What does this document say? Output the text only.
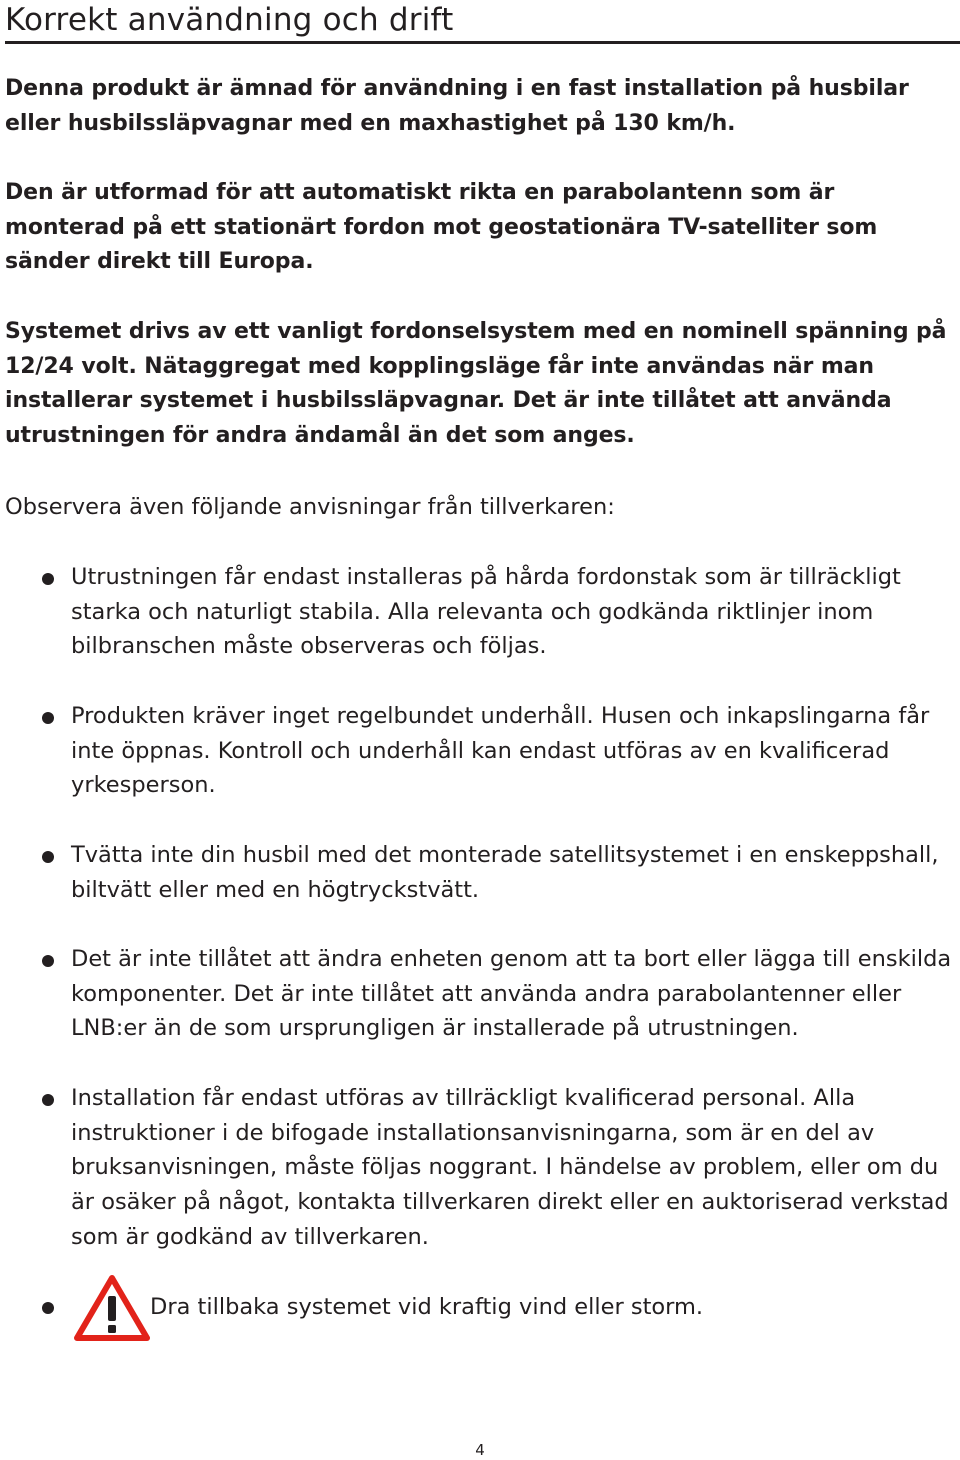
Korrekt användning och drift

Denna produkt är ämnad för användning i en fast installation på husbilar eller husbilssläpvagnar med en maxhastighet på 130 km/h.

Den är utformad för att automatiskt rikta en parabolantenn som är monterad på ett stationärt fordon mot geostationära TV-satelliter som sänder direkt till Europa.

Systemet drivs av ett vanligt fordonselsystem med en nominell spänning på 12/24 volt. Nätaggregat med kopplingsläge får inte användas när man installerar systemet i husbilssläpvagnar. Det är inte tillåtet att använda utrustningen för andra ändamål än det som anges.

Observera även följande anvisningar från tillverkaren:

Utrustningen får endast installeras på hårda fordonstak som är tillräckligt starka och naturligt stabila. Alla relevanta och godkända riktlinjer inom bilbranschen måste observeras och följas.

Produkten kräver inget regelbundet underhåll. Husen och inkapslingarna får inte öppnas. Kontroll och underhåll kan endast utföras av en kvalificerad yrkesperson.

Tvätta inte din husbil med det monterade satellitsystemet i en enskeppshall, biltvätt eller med en högtryckstvätt.

Det är inte tillåtet att ändra enheten genom att ta bort eller lägga till enskilda komponenter. Det är inte tillåtet att använda andra parabolantenner eller LNB:er än de som ursprungligen är installerade på utrustningen.

Installation får endast utföras av tillräckligt kvalificerad personal. Alla instruktioner i de bifogade installationsanvisningarna, som är en del av bruksanvisningen, måste följas noggrant. I händelse av problem, eller om du är osäker på något, kontakta tillverkaren direkt eller en auktoriserad verkstad som är godkänd av tillverkaren.

Dra tillbaka systemet vid kraftig vind eller storm.

4
